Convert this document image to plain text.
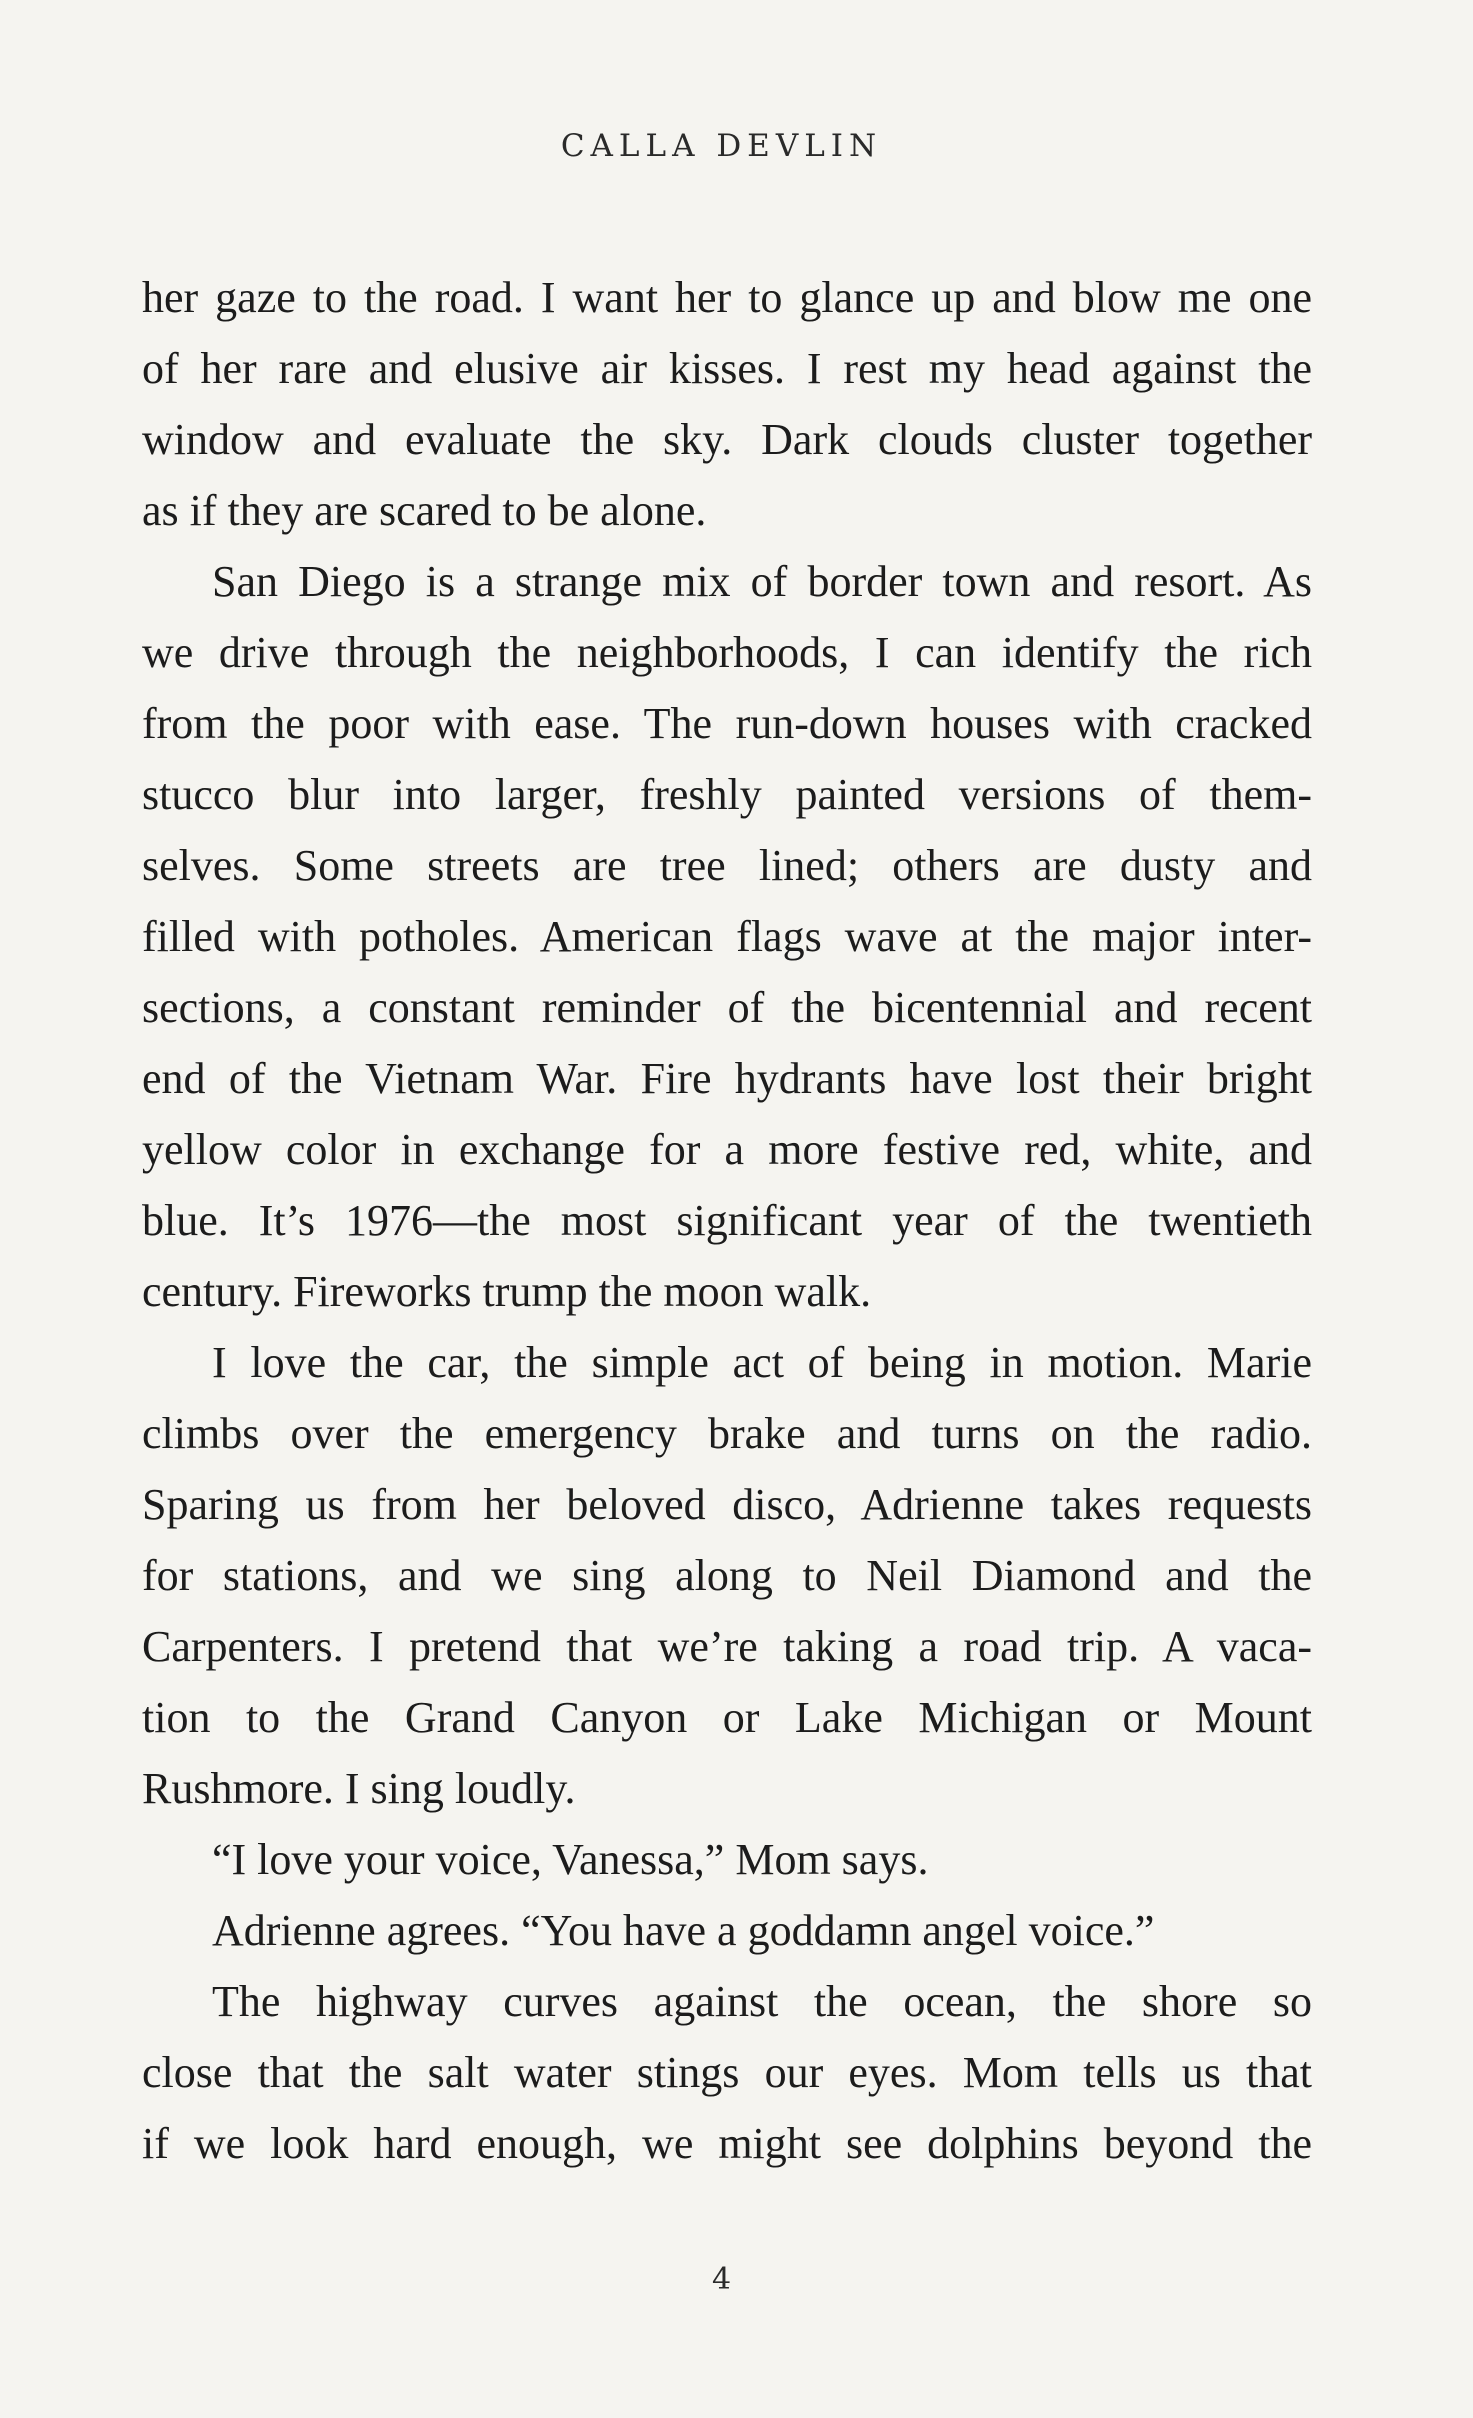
CALLA DEVLIN
her gaze to the road. I want her to glance up and blow me one
of her rare and elusive air kisses. I rest my head against the
window and evaluate the sky. Dark clouds cluster together
as if they are scared to be alone.
San Diego is a strange mix of border town and resort. As
we drive through the neighborhoods, I can identify the rich
from the poor with ease. The run-down houses with cracked
stucco blur into larger, freshly painted versions of them-
selves. Some streets are tree lined; others are dusty and
filled with potholes. American flags wave at the major inter-
sections, a constant reminder of the bicentennial and recent
end of the Vietnam War. Fire hydrants have lost their bright
yellow color in exchange for a more festive red, white, and
blue. It’s 1976—the most significant year of the twentieth
century. Fireworks trump the moon walk.
I love the car, the simple act of being in motion. Marie
climbs over the emergency brake and turns on the radio.
Sparing us from her beloved disco, Adrienne takes requests
for stations, and we sing along to Neil Diamond and the
Carpenters. I pretend that we’re taking a road trip. A vaca-
tion to the Grand Canyon or Lake Michigan or Mount
Rushmore. I sing loudly.
“I love your voice, Vanessa,” Mom says.
Adrienne agrees. “You have a goddamn angel voice.”
The highway curves against the ocean, the shore so
close that the salt water stings our eyes. Mom tells us that
if we look hard enough, we might see dolphins beyond the
4
